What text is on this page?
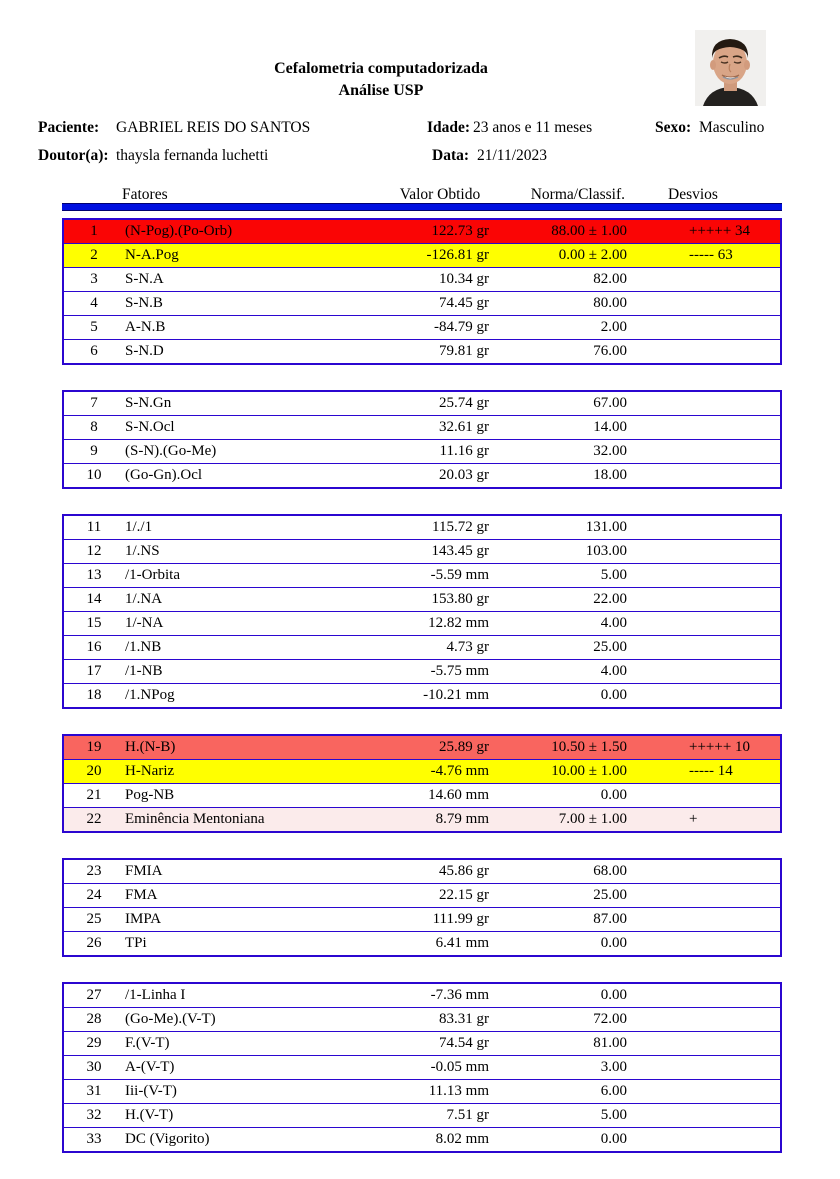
Cefalometria computadorizada
Análise USP
Paciente: GABRIEL REIS DO SANTOS	Idade: 23 anos e 11 meses	Sexo: Masculino
Doutor(a): thaysla fernanda luchetti	Data: 21/11/2023
Fatores	Valor Obtido	Norma/Classif.	Desvios
1	(N-Pog).(Po-Orb)	122.73 gr	88.00 ± 1.00	+++++ 34
2	N-A.Pog	-126.81 gr	0.00 ± 2.00	----- 63
3	S-N.A	10.34 gr	82.00
4	S-N.B	74.45 gr	80.00
5	A-N.B	-84.79 gr	2.00
6	S-N.D	79.81 gr	76.00
7	S-N.Gn	25.74 gr	67.00
8	S-N.Ocl	32.61 gr	14.00
9	(S-N).(Go-Me)	11.16 gr	32.00
10	(Go-Gn).Ocl	20.03 gr	18.00
11	1/./1	115.72 gr	131.00
12	1/.NS	143.45 gr	103.00
13	/1-Orbita	-5.59 mm	5.00
14	1/.NA	153.80 gr	22.00
15	1/-NA	12.82 mm	4.00
16	/1.NB	4.73 gr	25.00
17	/1-NB	-5.75 mm	4.00
18	/1.NPog	-10.21 mm	0.00
19	H.(N-B)	25.89 gr	10.50 ± 1.50	+++++ 10
20	H-Nariz	-4.76 mm	10.00 ± 1.00	----- 14
21	Pog-NB	14.60 mm	0.00
22	Eminência Mentoniana	8.79 mm	7.00 ± 1.00	+
23	FMIA	45.86 gr	68.00
24	FMA	22.15 gr	25.00
25	IMPA	111.99 gr	87.00
26	TPi	6.41 mm	0.00
27	/1-Linha I	-7.36 mm	0.00
28	(Go-Me).(V-T)	83.31 gr	72.00
29	F.(V-T)	74.54 gr	81.00
30	A-(V-T)	-0.05 mm	3.00
31	Iii-(V-T)	11.13 mm	6.00
32	H.(V-T)	7.51 gr	5.00
33	DC (Vigorito)	8.02 mm	0.00
